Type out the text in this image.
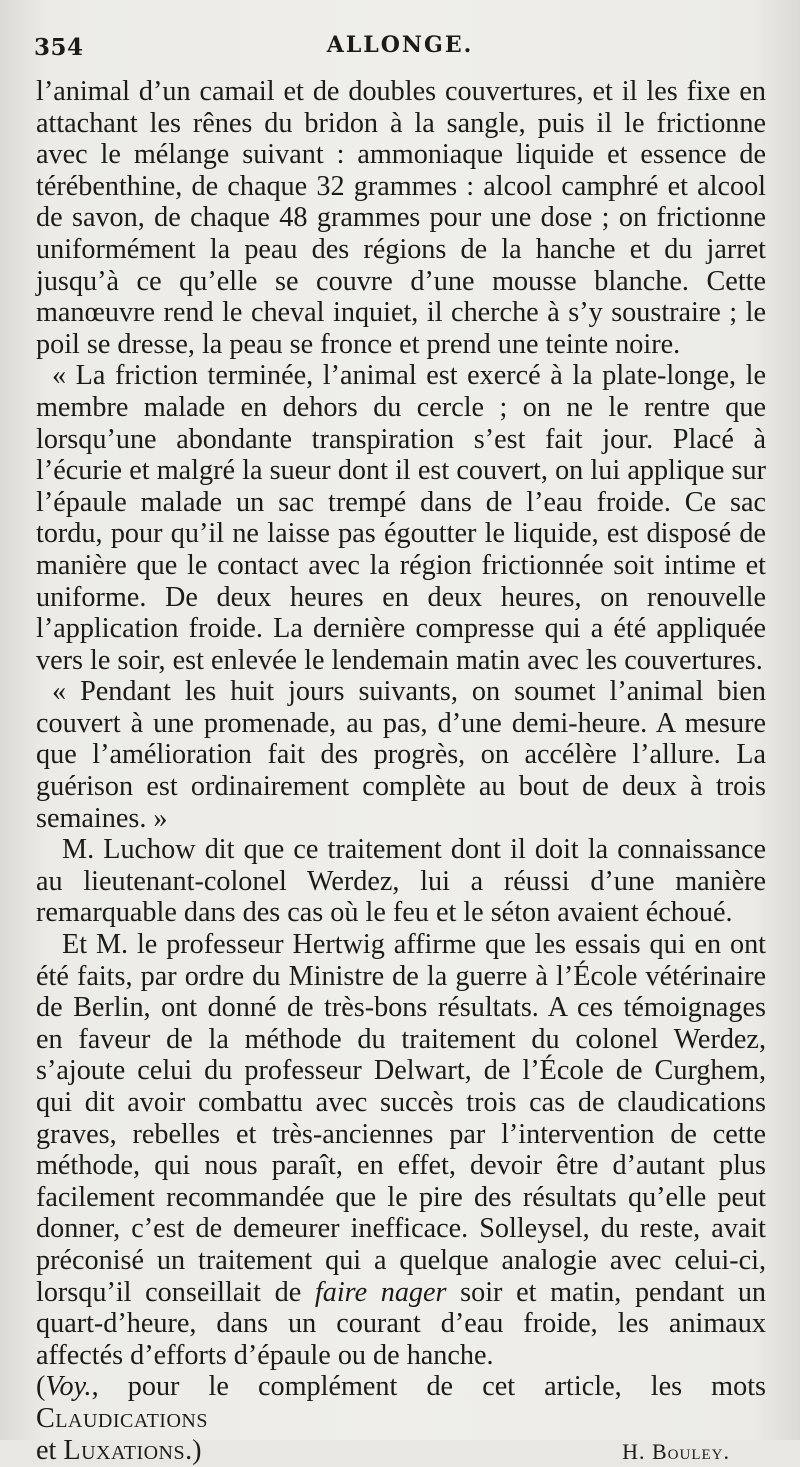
354	ALLONGE.

l’animal d’un camail et de doubles couvertures, et il les fixe en attachant les rênes du bridon à la sangle, puis il le frictionne avec le mélange suivant : ammoniaque liquide et essence de térébenthine, de chaque 32 grammes : alcool camphré et alcool de savon, de chaque 48 grammes pour une dose ; on frictionne uniformément la peau des régions de la hanche et du jarret jusqu’à ce qu’elle se couvre d’une mousse blanche. Cette manœuvre rend le cheval inquiet, il cherche à s’y soustraire ; le poil se dresse, la peau se fronce et prend une teinte noire.

« La friction terminée, l’animal est exercé à la plate-longe, le membre malade en dehors du cercle ; on ne le rentre que lorsqu’une abondante transpiration s’est fait jour. Placé à l’écurie et malgré la sueur dont il est couvert, on lui applique sur l’épaule malade un sac trempé dans de l’eau froide. Ce sac tordu, pour qu’il ne laisse pas égoutter le liquide, est disposé de manière que le contact avec la région frictionnée soit intime et uniforme. De deux heures en deux heures, on renouvelle l’application froide. La dernière compresse qui a été appliquée vers le soir, est enlevée le lendemain matin avec les couvertures.

« Pendant les huit jours suivants, on soumet l’animal bien couvert à une promenade, au pas, d’une demi-heure. A mesure que l’amélioration fait des progrès, on accélère l’allure. La guérison est ordinairement complète au bout de deux à trois semaines. »

M. Luchow dit que ce traitement dont il doit la connaissance au lieutenant-colonel Werdez, lui a réussi d’une manière remarquable dans des cas où le feu et le séton avaient échoué.

Et M. le professeur Hertwig affirme que les essais qui en ont été faits, par ordre du Ministre de la guerre à l’École vétérinaire de Berlin, ont donné de très-bons résultats. A ces témoignages en faveur de la méthode du traitement du colonel Werdez, s’ajoute celui du professeur Delwart, de l’École de Curghem, qui dit avoir combattu avec succès trois cas de claudications graves, rebelles et très-anciennes par l’intervention de cette méthode, qui nous paraît, en effet, devoir être d’autant plus facilement recommandée que le pire des résultats qu’elle peut donner, c’est de demeurer inefficace. Solleysel, du reste, avait préconisé un traitement qui a quelque analogie avec celui-ci, lorsqu’il conseillait de faire nager soir et matin, pendant un quart-d’heure, dans un courant d’eau froide, les animaux affectés d’efforts d’épaule ou de hanche.

(Voy., pour le complément de cet article, les mots Claudications

et Luxations.)	H. Bouley.
